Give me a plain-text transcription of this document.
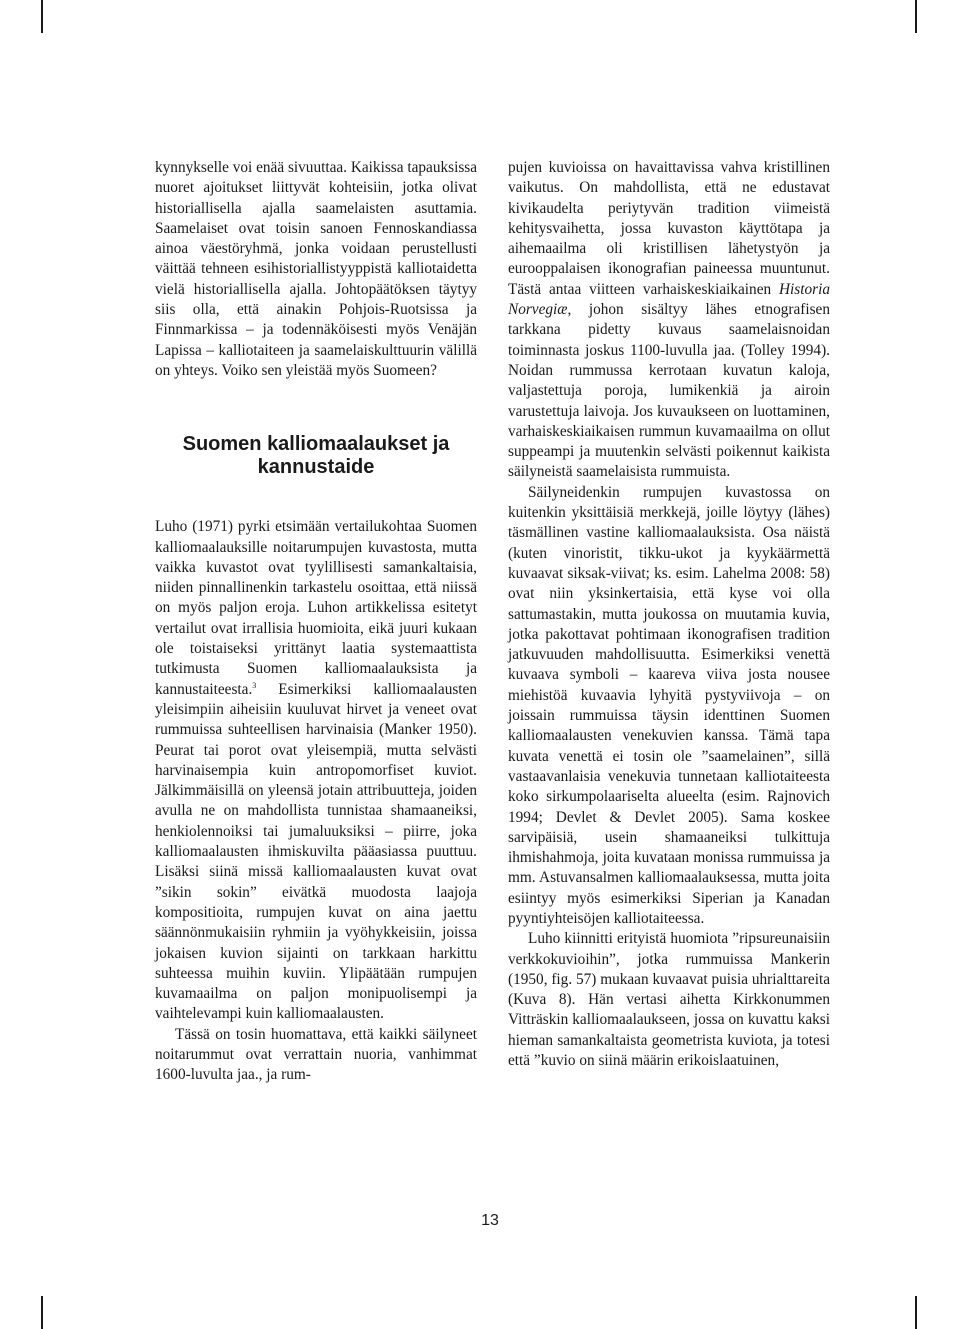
kynnykselle voi enää sivuuttaa. Kaikissa tapauksissa nuoret ajoitukset liittyvät kohteisiin, jotka olivat historiallisella ajalla saamelaisten asuttamia. Saamelaiset ovat toisin sanoen Fennoskandiassa ainoa väestöryhmä, jonka voidaan perustellusti väittää tehneen esihistoriallistyyppistä kalliotaidetta vielä historiallisella ajalla. Johtopäätöksen täytyy siis olla, että ainakin Pohjois-Ruotsissa ja Finnmarkissa – ja todennäköisesti myös Venäjän Lapissa – kalliotaiteen ja saamelaiskulttuurin välillä on yhteys. Voiko sen yleistää myös Suomeen?

Suomen kalliomaalaukset ja
kannustaide

Luho (1971) pyrki etsimään vertailukohtaa Suomen kalliomaalauksille noitarumpujen kuvastosta, mutta vaikka kuvastot ovat tyylillisesti samankaltaisia, niiden pinnallinenkin tarkastelu osoittaa, että niissä on myös paljon eroja. Luhon artikkelissa esitetyt vertailut ovat irrallisia huomioita, eikä juuri kukaan ole toistaiseksi yrittänyt laatia systemaattista tutkimusta Suomen kalliomaalauksista ja kannustaiteesta.$^3$ Esimerkiksi kalliomaalausten yleisimpiin aiheisiin kuuluvat hirvet ja veneet ovat rummuissa suhteellisen harvinaisia (Manker 1950). Peurat tai porot ovat yleisempiä, mutta selvästi harvinaisempia kuin antropomorfiset kuviot. Jälkimmäisillä on yleensä jotain attribuutteja, joiden avulla ne on mahdollista tunnistaa shamaaneiksi, henkiolennoiksi tai jumaluuksiksi – piirre, joka kalliomaalausten ihmiskuvilta pääasiassa puuttuu. Lisäksi siinä missä kalliomaalausten kuvat ovat ”sikin sokin” eivätkä muodosta laajoja kompositioita, rumpujen kuvat on aina jaettu säännönmukaisiin ryhmiin ja vyöhykkeisiin, joissa jokaisen kuvion sijainti on tarkkaan harkittu suhteessa muihin kuviin. Ylipäätään rumpujen kuvamaailma on paljon monipuolisempi ja vaihtelevampi kuin kalliomaalausten.

Tässä on tosin huomattava, että kaikki säilyneet noitarummut ovat verrattain nuoria, vanhimmat 1600-luvulta jaa., ja rum-

pujen kuvioissa on havaittavissa vahva kristillinen vaikutus. On mahdollista, että ne edustavat kivikaudelta periytyvän tradition viimeistä kehitysvaihetta, jossa kuvaston käyttötapa ja aihemaailma oli kristillisen lähetystyön ja eurooppalaisen ikonografian paineessa muuntunut. Tästä antaa viitteen varhaiskeskiaikainen Historia Norvegiæ, johon sisältyy lähes etnografisen tarkkana pidetty kuvaus saamelaisnoidan toiminnasta joskus 1100-luvulla jaa. (Tolley 1994). Noidan rummussa kerrotaan kuvatun kaloja, valjastettuja poroja, lumikenkiä ja airoin varustettuja laivoja. Jos kuvaukseen on luottaminen, varhaiskeskiaikaisen rummun kuvamaailma on ollut suppeampi ja muutenkin selvästi poikennut kaikista säilyneistä saamelaisista rummuista.

Säilyneidenkin rumpujen kuvastossa on kuitenkin yksittäisiä merkkejä, joille löytyy (lähes) täsmällinen vastine kalliomaalauksista. Osa näistä (kuten vinoristit, tikku-ukot ja kyykäärmettä kuvaavat siksak-viivat; ks. esim. Lahelma 2008: 58) ovat niin yksinkertaisia, että kyse voi olla sattumastakin, mutta joukossa on muutamia kuvia, jotka pakottavat pohtimaan ikonografisen tradition jatkuvuuden mahdollisuutta. Esimerkiksi venettä kuvaava symboli – kaareva viiva josta nousee miehistöä kuvaavia lyhyitä pystyviivoja – on joissain rummuissa täysin identtinen Suomen kalliomaalausten venekuvien kanssa. Tämä tapa kuvata venettä ei tosin ole ”saamelainen”, sillä vastaavanlaisia venekuvia tunnetaan kalliotaiteesta koko sirkumpolaariselta alueelta (esim. Rajnovich 1994; Devlet & Devlet 2005). Sama koskee sarvipäisiä, usein shamaaneiksi tulkittuja ihmishahmoja, joita kuvataan monissa rummuissa ja mm. Astuvansalmen kalliomaalauksessa, mutta joita esiintyy myös esimerkiksi Siperian ja Kanadan pyyntiyhteisöjen kalliotaiteessa.

Luho kiinnitti erityistä huomiota ”ripsureunaisiin verkkokuvioihin”, jotka rummuissa Mankerin (1950, fig. 57) mukaan kuvaavat puisia uhrialttareita (Kuva 8). Hän vertasi aihetta Kirkkonummen Vitträskin kalliomaalaukseen, jossa on kuvattu kaksi hieman samankaltaista geometrista kuviota, ja totesi että ”kuvio on siinä määrin erikoislaatuinen,

13
